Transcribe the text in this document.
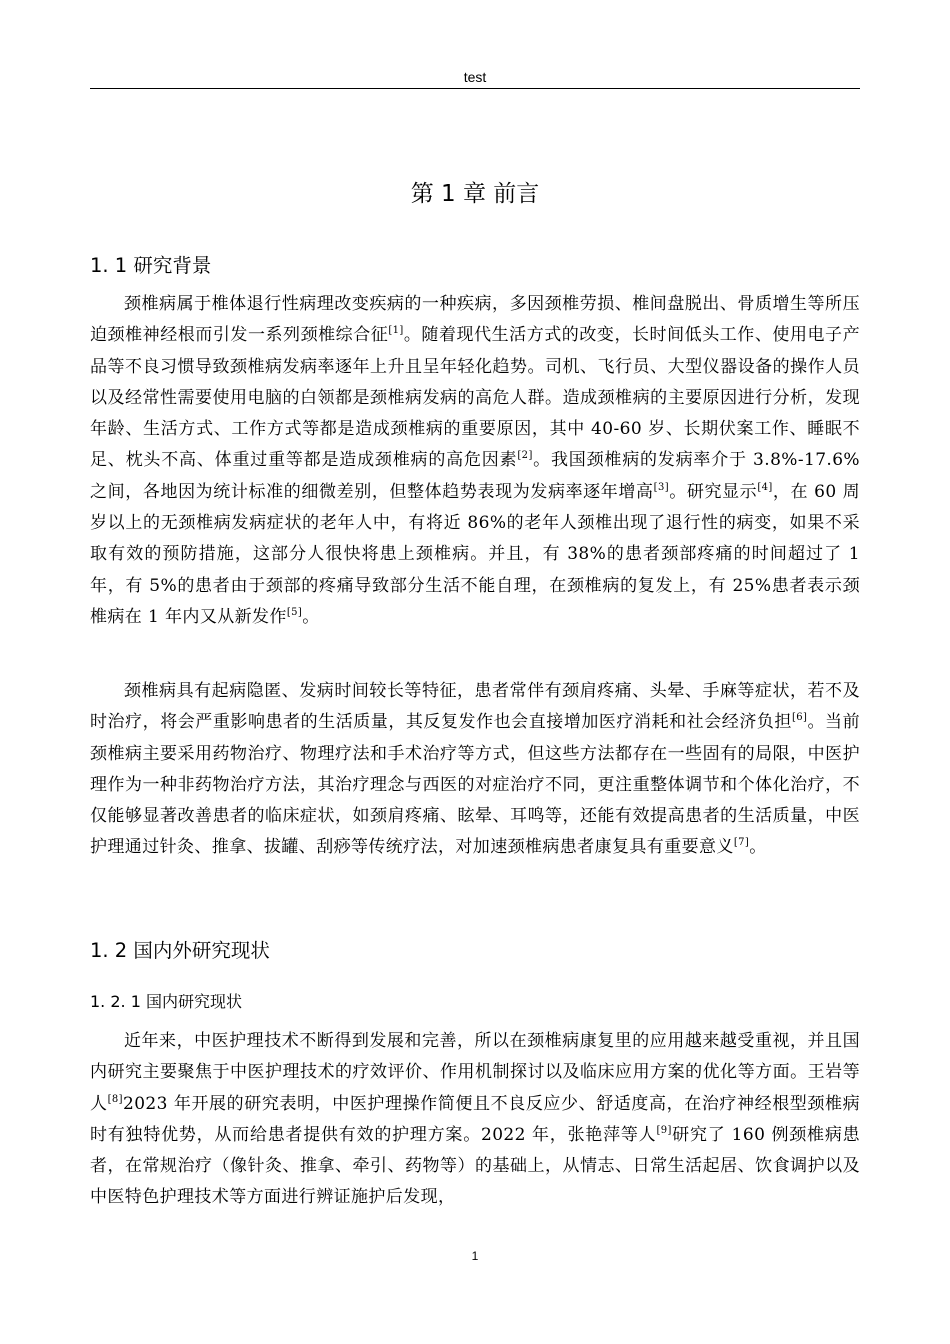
test
第 1 章 前言
1. 1 研究背景

颈椎病属于椎体退行性病理改变疾病的一种疾病，多因颈椎劳损、椎间盘脱出、骨质增生等所压迫颈椎神经根而引发一系列颈椎综合征[1]。随着现代生活方式的改变，长时间低头工作、使用电子产品等不良习惯导致颈椎病发病率逐年上升且呈年轻化趋势。司机、飞行员、大型仪器设备的操作人员以及经常性需要使用电脑的白领都是颈椎病发病的高危人群。造成颈椎病的主要原因进行分析，发现年龄、生活方式、工作方式等都是造成颈椎病的重要原因，其中 40-60 岁、长期伏案工作、睡眠不足、枕头不高、体重过重等都是造成颈椎病的高危因素[2]。我国颈椎病的发病率介于 3.8%-17.6%之间，各地因为统计标准的细微差别，但整体趋势表现为发病率逐年增高[3]。研究显示[4]，在 60 周岁以上的无颈椎病发病症状的老年人中，有将近 86%的老年人颈椎出现了退行性的病变，如果不采取有效的预防措施，这部分人很快将患上颈椎病。并且，有 38%的患者颈部疼痛的时间超过了 1 年，有 5%的患者由于颈部的疼痛导致部分生活不能自理，在颈椎病的复发上，有 25%患者表示颈椎病在 1 年内又从新发作[5]。

颈椎病具有起病隐匿、发病时间较长等特征，患者常伴有颈肩疼痛、头晕、手麻等症状，若不及时治疗，将会严重影响患者的生活质量，其反复发作也会直接增加医疗消耗和社会经济负担[6]。当前颈椎病主要采用药物治疗、物理疗法和手术治疗等方式，但这些方法都存在一些固有的局限，中医护理作为一种非药物治疗方法，其治疗理念与西医的对症治疗不同，更注重整体调节和个体化治疗，不仅能够显著改善患者的临床症状，如颈肩疼痛、眩晕、耳鸣等，还能有效提高患者的生活质量，中医护理通过针灸、推拿、拔罐、刮痧等传统疗法，对加速颈椎病患者康复具有重要意义[7]。

1. 2 国内外研究现状
1. 2. 1 国内研究现状

近年来，中医护理技术不断得到发展和完善，所以在颈椎病康复里的应用越来越受重视，并且国内研究主要聚焦于中医护理技术的疗效评价、作用机制探讨以及临床应用方案的优化等方面。王岩等人[8]2023 年开展的研究表明，中医护理操作简便且不良反应少、舒适度高，在治疗神经根型颈椎病时有独特优势，从而给患者提供有效的护理方案。2022 年，张艳萍等人[9]研究了 160 例颈椎病患者，在常规治疗（像针灸、推拿、牵引、药物等）的基础上，从情志、日常生活起居、饮食调护以及中医特色护理技术等方面进行辨证施护后发现，

1
